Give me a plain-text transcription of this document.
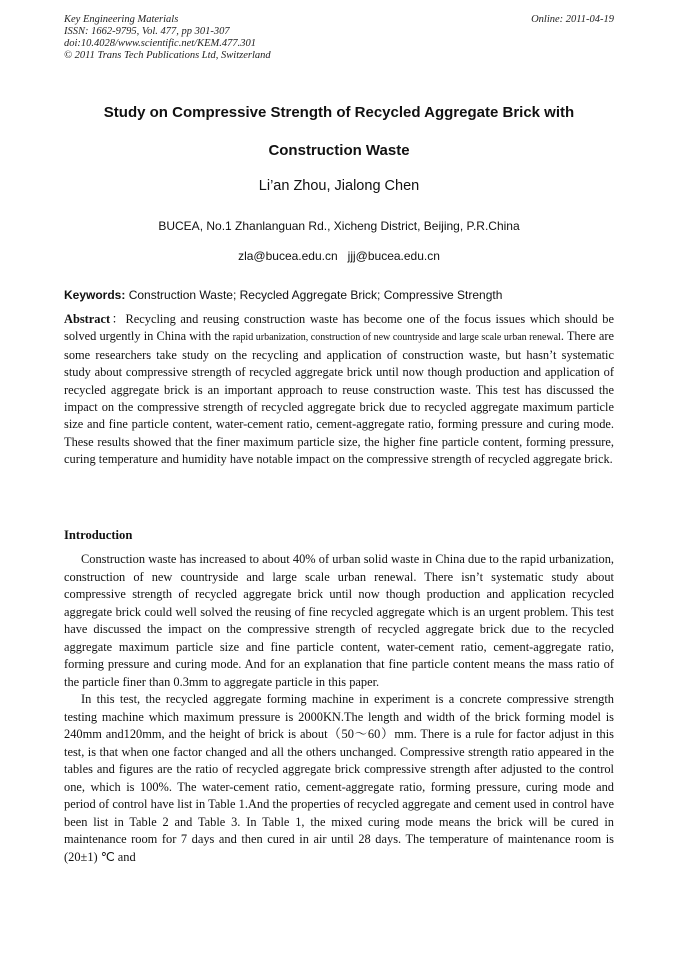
Key Engineering Materials
ISSN: 1662-9795, Vol. 477, pp 301-307
doi:10.4028/www.scientific.net/KEM.477.301
© 2011 Trans Tech Publications Ltd, Switzerland
Online: 2011-04-19
Study on Compressive Strength of Recycled Aggregate Brick with
Construction Waste
Li’an Zhou, Jialong Chen
BUCEA, No.1 Zhanlanguan Rd., Xicheng District, Beijing, P.R.China
zla@bucea.edu.cn jjj@bucea.edu.cn
Keywords: Construction Waste; Recycled Aggregate Brick; Compressive Strength
Abstract：Recycling and reusing construction waste has become one of the focus issues which should be solved urgently in China with the rapid urbanization, construction of new countryside and large scale urban renewal. There are some researchers take study on the recycling and application of construction waste, but hasn’t systematic study about compressive strength of recycled aggregate brick until now though production and application of recycled aggregate brick is an important approach to reuse construction waste. This test has discussed the impact on the compressive strength of recycled aggregate brick due to recycled aggregate maximum particle size and fine particle content, water-cement ratio, cement-aggregate ratio, forming pressure and curing mode. These results showed that the finer maximum particle size, the higher fine particle content, forming pressure, curing temperature and humidity have notable impact on the compressive strength of recycled aggregate brick.
Introduction

Construction waste has increased to about 40% of urban solid waste in China due to the rapid urbanization, construction of new countryside and large scale urban renewal. There isn’t systematic study about compressive strength of recycled aggregate brick until now though production and application recycled aggregate brick could well solved the reusing of fine recycled aggregate which is an urgent problem. This test have discussed the impact on the compressive strength of recycled aggregate brick due to the recycled aggregate maximum particle size and fine particle content, water-cement ratio, cement-aggregate ratio, forming pressure and curing mode. And for an explanation that fine particle content means the mass ratio of the particle finer than 0.3mm to aggregate particle in this paper.

In this test, the recycled aggregate forming machine in experiment is a concrete compressive strength testing machine which maximum pressure is 2000KN.The length and width of the brick forming model is 240mm and120mm, and the height of brick is about（50～60）mm. There is a rule for factor adjust in this test, is that when one factor changed and all the others unchanged. Compressive strength ratio appeared in the tables and figures are the ratio of recycled aggregate brick compressive strength after adjusted to the control one, which is 100%. The water-cement ratio, cement-aggregate ratio, forming pressure, curing mode and period of control have list in Table 1.And the properties of recycled aggregate and cement used in control have been list in Table 2 and Table 3. In Table 1, the mixed curing mode means the brick will be cured in maintenance room for 7 days and then cured in air until 28 days. The temperature of maintenance room is (20±1) ℃ and
